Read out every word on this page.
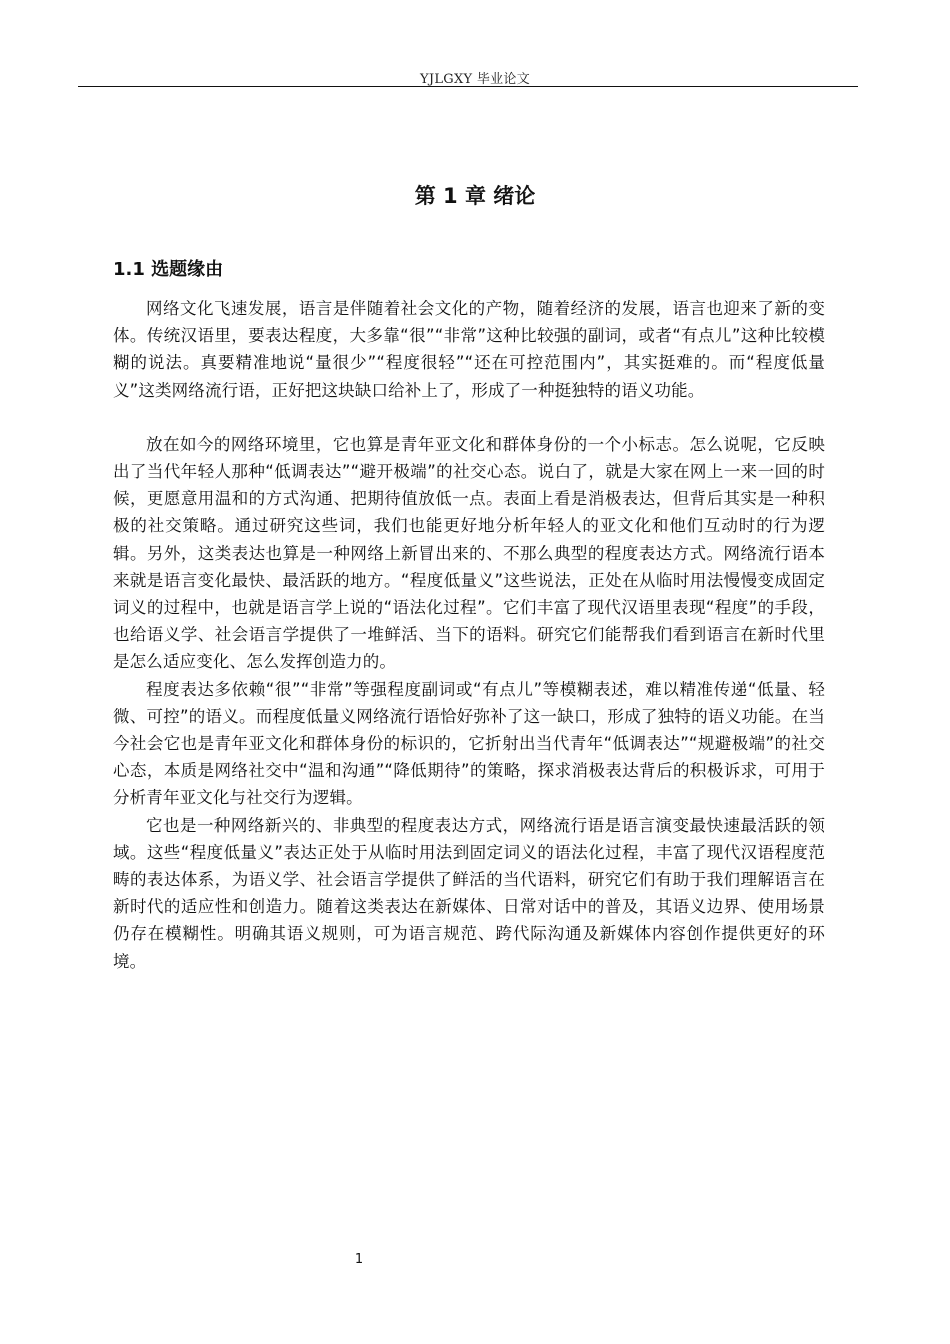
YJLGXY 毕业论文
第 1 章 绪论
1.1 选题缘由

网络文化飞速发展，语言是伴随着社会文化的产物，随着经济的发展，语言也迎来了新的变体。传统汉语里，要表达程度，大多靠“很”“非常”这种比较强的副词，或者“有点儿”这种比较模糊的说法。真要精准地说“量很少”“程度很轻”“还在可控范围内”，其实挺难的。而“程度低量义”这类网络流行语，正好把这块缺口给补上了，形成了一种挺独特的语义功能。

放在如今的网络环境里，它也算是青年亚文化和群体身份的一个小标志。怎么说呢，它反映出了当代年轻人那种“低调表达”“避开极端”的社交心态。说白了，就是大家在网上一来一回的时候，更愿意用温和的方式沟通、把期待值放低一点。表面上看是消极表达，但背后其实是一种积极的社交策略。通过研究这些词，我们也能更好地分析年轻人的亚文化和他们互动时的行为逻辑。另外，这类表达也算是一种网络上新冒出来的、不那么典型的程度表达方式。网络流行语本来就是语言变化最快、最活跃的地方。“程度低量义”这些说法，正处在从临时用法慢慢变成固定词义的过程中，也就是语言学上说的“语法化过程”。它们丰富了现代汉语里表现“程度”的手段，也给语义学、社会语言学提供了一堆鲜活、当下的语料。研究它们能帮我们看到语言在新时代里是怎么适应变化、怎么发挥创造力的。

程度表达多依赖“很”“非常”等强程度副词或“有点儿”等模糊表述，难以精准传递“低量、轻微、可控”的语义。而程度低量义网络流行语恰好弥补了这一缺口，形成了独特的语义功能。在当今社会它也是青年亚文化和群体身份的标识的，它折射出当代青年“低调表达”“规避极端”的社交心态，本质是网络社交中“温和沟通”“降低期待”的策略，探求消极表达背后的积极诉求，可用于分析青年亚文化与社交行为逻辑。

它也是一种网络新兴的、非典型的程度表达方式，网络流行语是语言演变最快速最活跃的领域。这些“程度低量义”表达正处于从临时用法到固定词义的语法化过程，丰富了现代汉语程度范畴的表达体系，为语义学、社会语言学提供了鲜活的当代语料，研究它们有助于我们理解语言在新时代的适应性和创造力。随着这类表达在新媒体、日常对话中的普及，其语义边界、使用场景仍存在模糊性。明确其语义规则，可为语言规范、跨代际沟通及新媒体内容创作提供更好的环境。

1
